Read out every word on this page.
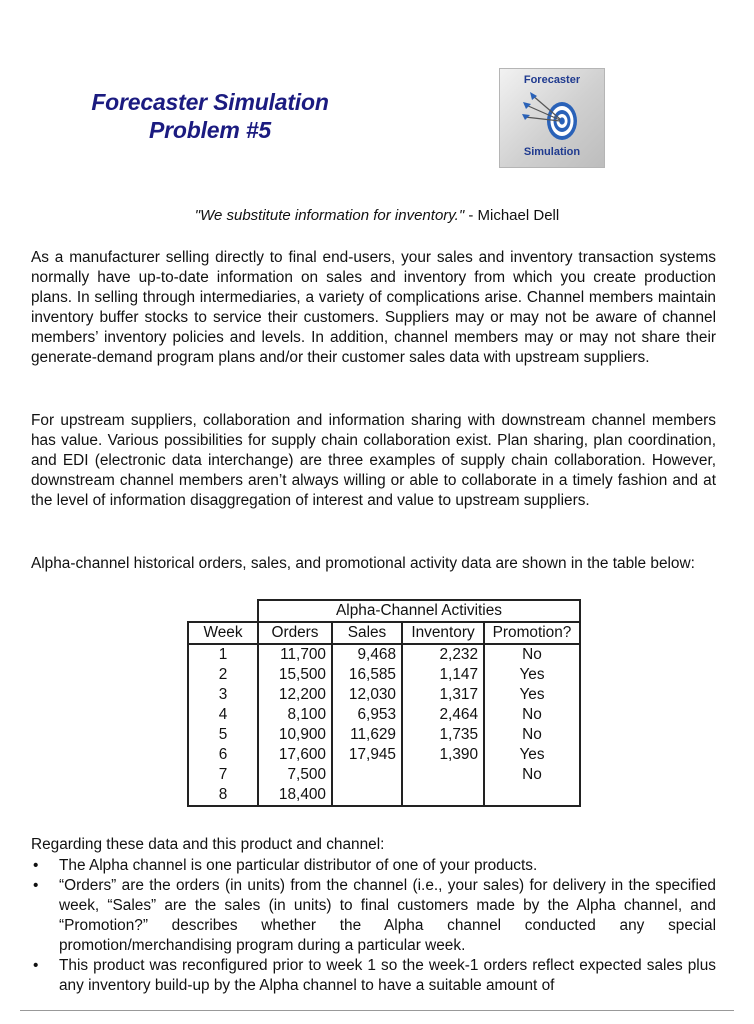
Forecaster Simulation
Problem #5
Forecaster
Simulation
"We substitute information for inventory." - Michael Dell

As a manufacturer selling directly to final end-users, your sales and inventory transaction systems normally have up-to-date information on sales and inventory from which you create production plans. In selling through intermediaries, a variety of complications arise. Channel members maintain inventory buffer stocks to service their customers. Suppliers may or may not be aware of channel members’ inventory policies and levels. In addition, channel members may or may not share their generate-demand program plans and/or their customer sales data with upstream suppliers.

For upstream suppliers, collaboration and information sharing with downstream channel members has value. Various possibilities for supply chain collaboration exist. Plan sharing, plan coordination, and EDI (electronic data interchange) are three examples of supply chain collaboration. However, downstream channel members aren’t always willing or able to collaborate in a timely fashion and at the level of information disaggregation of interest and value to upstream suppliers.

Alpha-channel historical orders, sales, and promotional activity data are shown in the table below:

	Alpha-Channel Activities			
Week	Orders	Sales	Inventory	Promotion?
1	11,700	9,468	2,232	No
2	15,500	16,585	1,147	Yes
3	12,200	12,030	1,317	Yes
4	8,100	6,953	2,464	No
5	10,900	11,629	1,735	No
6	17,600	17,945	1,390	Yes
7	7,500			No
8	18,400			
Regarding these data and this product and channel:
• The Alpha channel is one particular distributor of one of your products.
• “Orders” are the orders (in units) from the channel (i.e., your sales) for delivery in the specified week, “Sales” are the sales (in units) to final customers made by the Alpha channel, and “Promotion?” describes whether the Alpha channel conducted any special promotion/merchandising program during a particular week.
• This product was reconfigured prior to week 1 so the week-1 orders reflect expected sales plus any inventory build-up by the Alpha channel to have a suitable amount of
